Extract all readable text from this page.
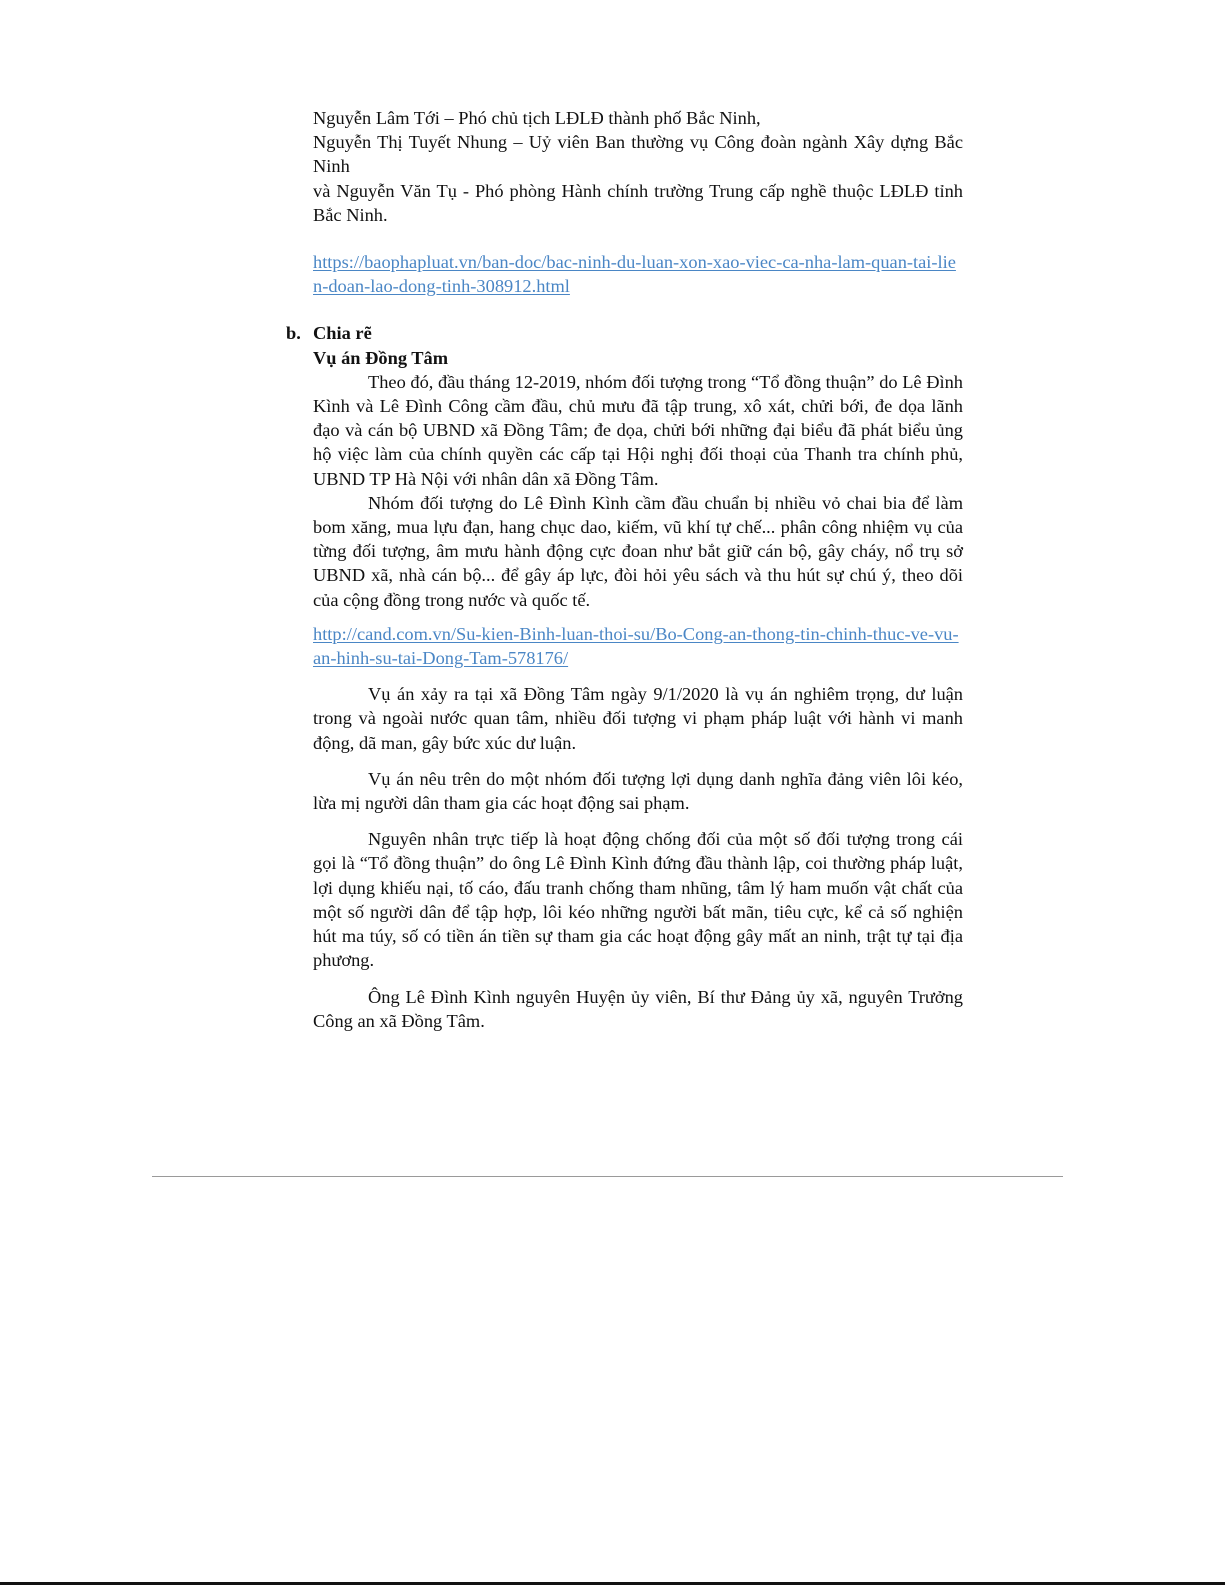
Nguyễn Lâm Tới – Phó chủ tịch LĐLĐ thành phố Bắc Ninh,

Nguyễn Thị Tuyết Nhung – Uỷ viên Ban thường vụ Công đoàn ngành Xây dựng Bắc Ninh

và Nguyễn Văn Tụ - Phó phòng Hành chính trường Trung cấp nghề thuộc LĐLĐ tỉnh Bắc Ninh.

https://baophapluat.vn/ban-doc/bac-ninh-du-luan-xon-xao-viec-ca-nha-lam-quan-tai-lien-doan-lao-dong-tinh-308912.html
b. Chia rẽ
Vụ án Đồng Tâm

Theo đó, đầu tháng 12-2019, nhóm đối tượng trong “Tổ đồng thuận” do Lê Đình Kình và Lê Đình Công cầm đầu, chủ mưu đã tập trung, xô xát, chửi bới, đe dọa lãnh đạo và cán bộ UBND xã Đồng Tâm; đe dọa, chửi bới những đại biểu đã phát biểu ủng hộ việc làm của chính quyền các cấp tại Hội nghị đối thoại của Thanh tra chính phủ, UBND TP Hà Nội với nhân dân xã Đồng Tâm.

Nhóm đối tượng do Lê Đình Kình cầm đầu chuẩn bị nhiều vỏ chai bia để làm bom xăng, mua lựu đạn, hang chục dao, kiếm, vũ khí tự chế... phân công nhiệm vụ của từng đối tượng, âm mưu hành động cực đoan như bắt giữ cán bộ, gây cháy, nổ trụ sở UBND xã, nhà cán bộ... để gây áp lực, đòi hỏi yêu sách và thu hút sự chú ý, theo dõi của cộng đồng trong nước và quốc tế.

http://cand.com.vn/Su-kien-Binh-luan-thoi-su/Bo-Cong-an-thong-tin-chinh-thuc-ve-vu-an-hinh-su-tai-Dong-Tam-578176/

Vụ án xảy ra tại xã Đồng Tâm ngày 9/1/2020 là vụ án nghiêm trọng, dư luận trong và ngoài nước quan tâm, nhiều đối tượng vi phạm pháp luật với hành vi manh động, dã man, gây bức xúc dư luận.

Vụ án nêu trên do một nhóm đối tượng lợi dụng danh nghĩa đảng viên lôi kéo, lừa mị người dân tham gia các hoạt động sai phạm.

Nguyên nhân trực tiếp là hoạt động chống đối của một số đối tượng trong cái gọi là “Tổ đồng thuận” do ông Lê Đình Kình đứng đầu thành lập, coi thường pháp luật, lợi dụng khiếu nại, tố cáo, đấu tranh chống tham nhũng, tâm lý ham muốn vật chất của một số người dân để tập hợp, lôi kéo những người bất mãn, tiêu cực, kể cả số nghiện hút ma túy, số có tiền án tiền sự tham gia các hoạt động gây mất an ninh, trật tự tại địa phương.

Ông Lê Đình Kình nguyên Huyện ủy viên, Bí thư Đảng ủy xã, nguyên Trưởng Công an xã Đồng Tâm.
